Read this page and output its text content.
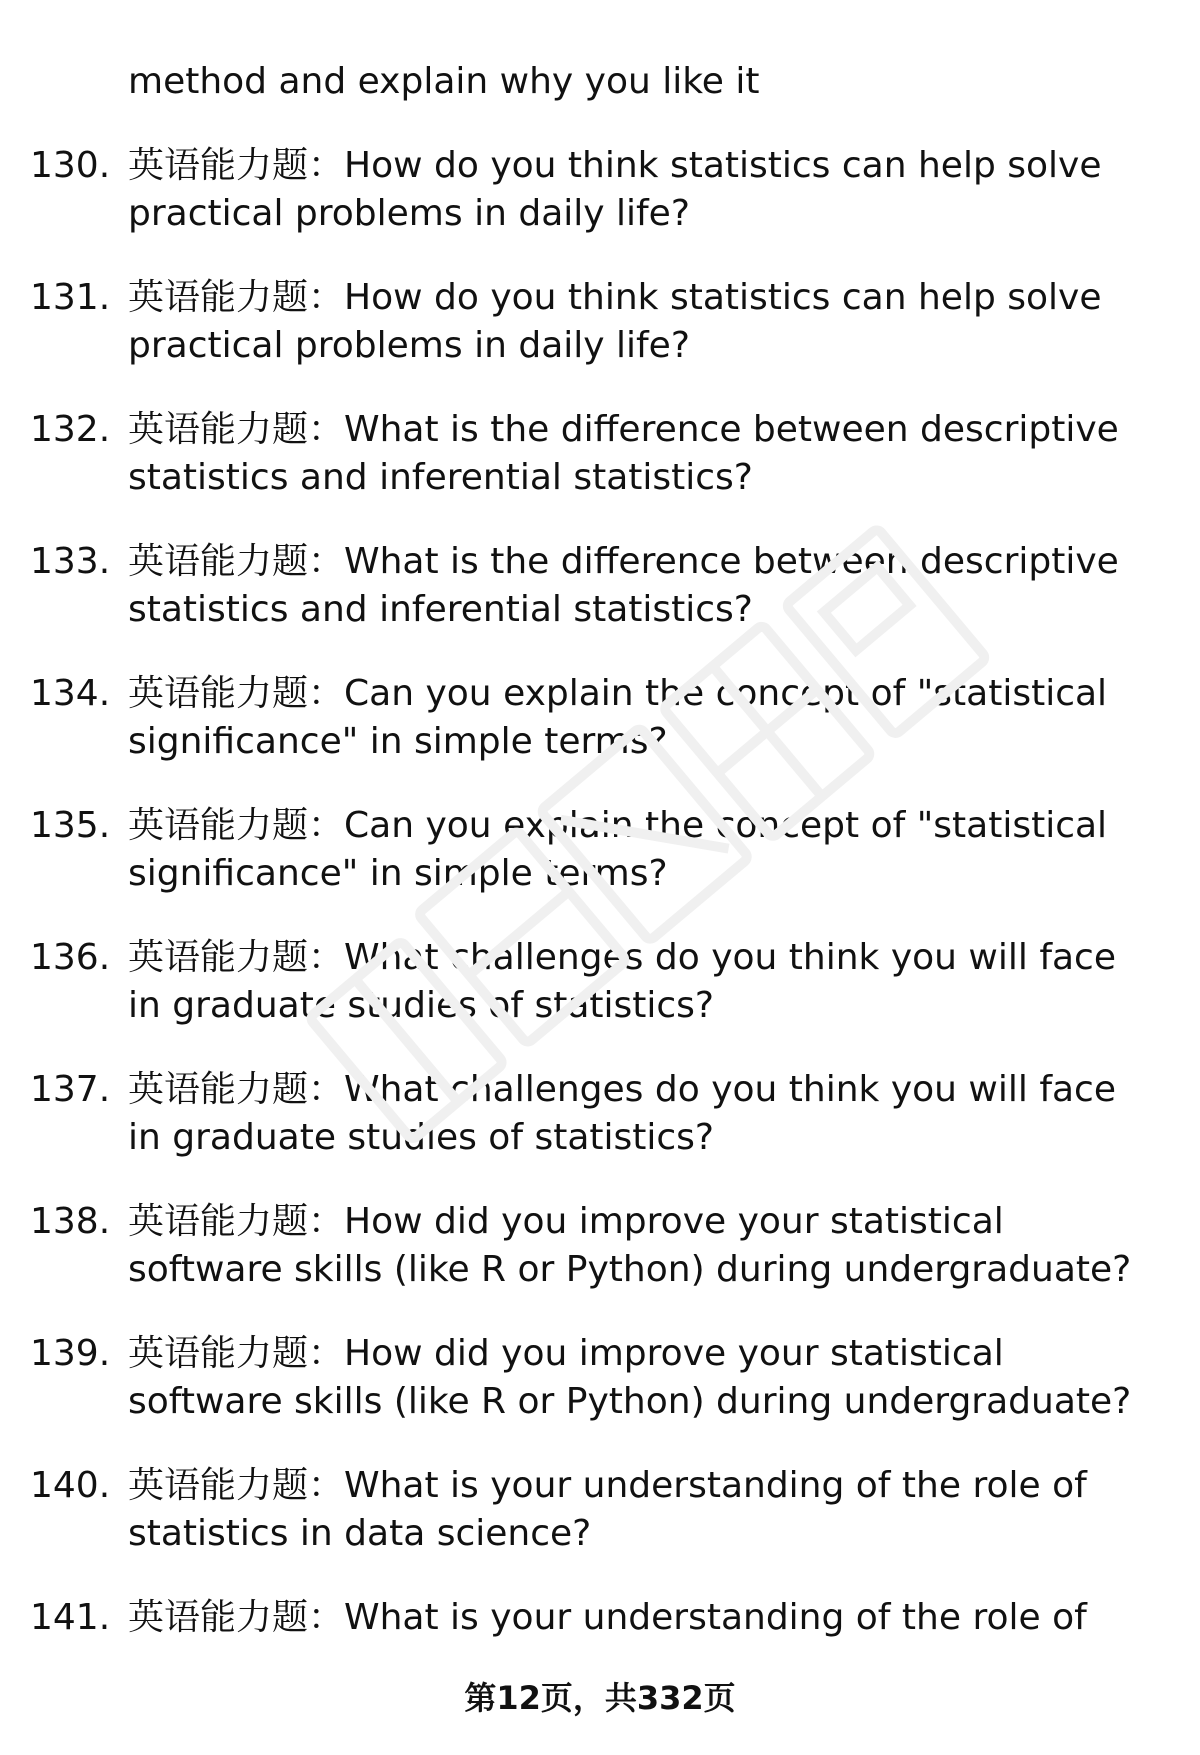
method and explain why you like it
130. 英语能力题：How do you think statistics can help solve practical problems in daily life?
131. 英语能力题：How do you think statistics can help solve practical problems in daily life?
132. 英语能力题：What is the difference between descriptive statistics and inferential statistics?
133. 英语能力题：What is the difference between descriptive statistics and inferential statistics?
134. 英语能力题：Can you explain the concept of "statistical significance" in simple terms?
135. 英语能力题：Can you explain the concept of "statistical significance" in simple terms?
136. 英语能力题：What challenges do you think you will face in graduate studies of statistics?
137. 英语能力题：What challenges do you think you will face in graduate studies of statistics?
138. 英语能力题：How did you improve your statistical software skills (like R or Python) during undergraduate?
139. 英语能力题：How did you improve your statistical software skills (like R or Python) during undergraduate?
140. 英语能力题：What is your understanding of the role of statistics in data science?
141. 英语能力题：What is your understanding of the role of
第12页，共332页
